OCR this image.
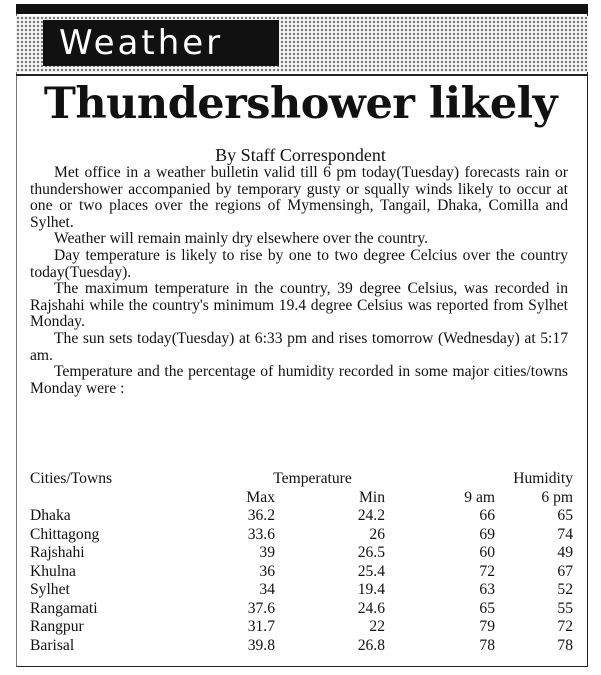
Weather
Thundershower likely
By Staff Correspondent

Met office in a weather bulletin valid till 6 pm today(Tuesday) forecasts rain or thundershower accompanied by temporary gusty or squally winds likely to occur at one or two places over the regions of Mymensingh, Tangail, Dhaka, Comilla and Sylhet.

Weather will remain mainly dry elsewhere over the country.

Day temperature is likely to rise by one to two degree Celcius over the country today(Tuesday).

The maximum temperature in the country, 39 degree Celsius, was recorded in Rajshahi while the country's minimum 19.4 degree Celsius was reported from Sylhet Monday.

The sun sets today(Tuesday) at 6:33 pm and rises tomorrow (Wednesday) at 5:17 am.

Temperature and the percentage of humidity recorded in some major cities/towns Monday were :

Cities/Towns	Temperature		Humidity	
	Max	Min	9 am	6 pm
Dhaka	36.2	24.2	66	65
Chittagong	33.6	26	69	74
Rajshahi	39	26.5	60	49
Khulna	36	25.4	72	67
Sylhet	34	19.4	63	52
Rangamati	37.6	24.6	65	55
Rangpur	31.7	22	79	72
Barisal	39.8	26.8	78	78
